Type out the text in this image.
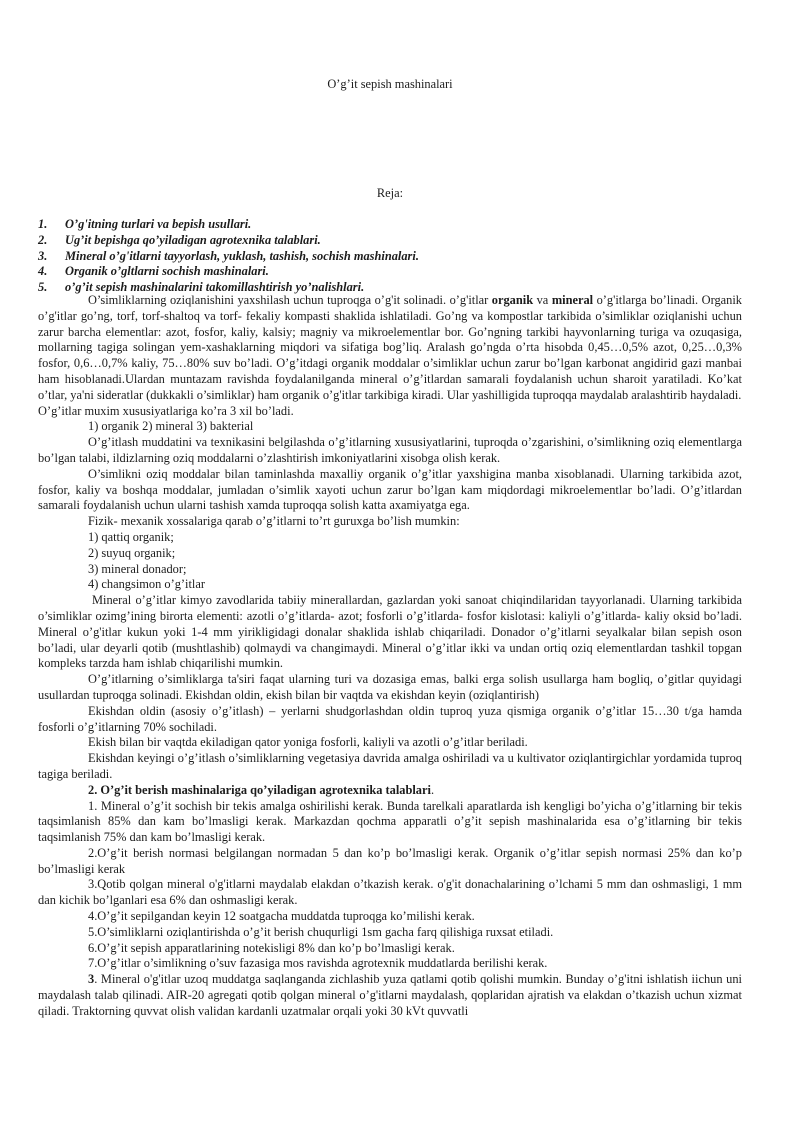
O’g’it sepish mashinalari
Reja:
1.	O’g'itning turlari va bepish usullari.
2.	Ug’it bepishga qo’yiladigan agrotexnika talablari.
3.	Mineral o’g'itlarni tayyorlash, yuklash, tashish, sochish mashinalari.
4.	Organik o’gltlarni sochish mashinalari.
5.	o’g’it sepish mashinalarini takomillashtirish yo’nalishlari.

O’simliklarning oziqlanishini yaxshilash uchun tuproqga o’g'it solinadi. o’g'itlar organik va mineral o’g'itlarga bo’linadi. Organik o’g'itlar go’ng, torf, torf-shaltoq va torf- fekaliy kompasti shaklida ishlatiladi. Go’ng va kompostlar tarkibida o’simliklar oziqlanishi uchun zarur barcha elementlar: azot, fosfor, kaliy, kalsiy; magniy va mikroelementlar bor. Go’ngning tarkibi hayvonlarning turiga va ozuqasiga, mollarning tagiga solingan yem-xashaklarning miqdori va sifatiga bog’liq. Aralash go’ngda o’rta hisobda 0,45…0,5% azot, 0,25…0,3% fosfor, 0,6…0,7% kaliy, 75…80% suv bo’ladi. O’g’itdagi organik moddalar o’simliklar uchun zarur bo’lgan karbonat angidirid gazi manbai ham hisoblanadi.Ulardan muntazam ravishda foydalanilganda mineral o’g’itlardan samarali foydalanish uchun sharoit yaratiladi. Ko’kat o’tlar, ya'ni sideratlar (dukkakli o’simliklar) ham organik o’g'itlar tarkibiga kiradi. Ular yashilligida tuproqqa maydalab aralashtirib haydaladi.

O’g’itlar muxim xususiyatlariga ko’ra 3 xil bo’ladi.

1) organik 2) mineral 3) bakterial

O’g’itlash muddatini va texnikasini belgilashda o’g’itlarning xususiyatlarini, tuproqda o’zgarishini, o’simlikning oziq elementlarga bo’lgan talabi, ildizlarning oziq moddalarni o’zlashtirish imkoniyatlarini xisobga olish kerak.

O’simlikni oziq moddalar bilan taminlashda maxalliy organik o’g’itlar yaxshigina manba xisoblanadi. Ularning tarkibida azot, fosfor, kaliy va boshqa moddalar, jumladan o’simlik xayoti uchun zarur bo’lgan kam miqdordagi mikroelementlar bo’ladi. O’g’itlardan samarali foydalanish uchun ularni tashish xamda tuproqqa solish katta axamiyatga ega.

Fizik- mexanik xossalariga qarab o’g’itlarni to’rt guruxga bo’lish mumkin:

1) qattiq organik;

2) suyuq organik;

3) mineral donador;

4) changsimon o’g’itlar

Mineral o’g’itlar kimyo zavodlarida tabiiy minerallardan, gazlardan yoki sanoat chiqindilaridan tayyorlanadi. Ularning tarkibida o’simliklar ozimg’ining birorta elementi: azotli o’g’itlarda- azot; fosforli o’g’itlarda- fosfor kislotasi: kaliyli o’g’itlarda- kaliy oksid bo’ladi. Mineral o’g'itlar kukun yoki 1-4 mm yirikligidagi donalar shaklida ishlab chiqariladi. Donador o’g’itlarni seyalkalar bilan sepish oson bo’ladi, ular deyarli qotib (mushtlashib) qolmaydi va changimaydi. Mineral o’g’itlar ikki va undan ortiq oziq elementlardan tashkil topgan kompleks tarzda ham ishlab chiqarilishi mumkin.

O’g’itlarning o’simliklarga ta'siri faqat ularning turi va dozasiga emas, balki erga solish usullarga ham bogliq, o’gitlar quyidagi usullardan tuproqga solinadi. Ekishdan oldin, ekish bilan bir vaqtda va ekishdan keyin (oziqlantirish)

Ekishdan oldin (asosiy o’g’itlash) – yerlarni shudgorlashdan oldin tuproq yuza qismiga organik o’g’itlar 15…30 t/ga hamda fosforli o’g’itlarning 70% sochiladi.

Ekish bilan bir vaqtda ekiladigan qator yoniga fosforli, kaliyli va azotli o’g’itlar beriladi.

Ekishdan keyingi o’g’itlash o’simliklarning vegetasiya davrida amalga oshiriladi va u kultivator oziqlantirgichlar yordamida tuproq tagiga beriladi.

2. O’g’it berish mashinalariga qo’yiladigan agrotexnika talablari.

1. Mineral o’g’it sochish bir tekis amalga oshirilishi kerak. Bunda tarelkali aparatlarda ish kengligi bo’yicha o’g’itlarning bir tekis taqsimlanish 85% dan kam bo’lmasligi kerak. Markazdan qochma apparatli o’g’it sepish mashinalarida esa o’g’itlarning bir tekis taqsimlanish 75% dan kam bo’lmasligi kerak.

2.O’g’it berish normasi belgilangan normadan 5 dan ko’p bo’lmasligi kerak. Organik o’g’itlar sepish normasi 25% dan ko’p bo’lmasligi kerak

3.Qotib qolgan mineral o'g'itlarni maydalab elakdan o’tkazish kerak. o'g'it donachalarining o’lchami 5 mm dan oshmasligi, 1 mm dan kichik bo’lganlari esa 6% dan oshmasligi kerak.

4.O’g’it sepilgandan keyin 12 soatgacha muddatda tuproqga ko’milishi kerak.

5.O’simliklarni oziqlantirishda o’g’it berish chuqurligi 1sm gacha farq qilishiga ruxsat etiladi.

6.O’g’it sepish apparatlarining notekisligi 8% dan ko’p bo’lmasligi kerak.

7.O’g’itlar o’simlikning o’suv fazasiga mos ravishda agrotexnik muddatlarda berilishi kerak.

3. Mineral o'g'itlar uzoq muddatga saqlanganda zichlashib yuza qatlami qotib qolishi mumkin. Bunday o’g'itni ishlatish iichun uni maydalash talab qilinadi. AIR-20 agregati qotib qolgan mineral o’g'itlarni maydalash, qoplaridan ajratish va elakdan o’tkazish uchun xizmat qiladi. Traktorning quvvat olish validan kardanli uzatmalar orqali yoki 30 kVt quvvatli
